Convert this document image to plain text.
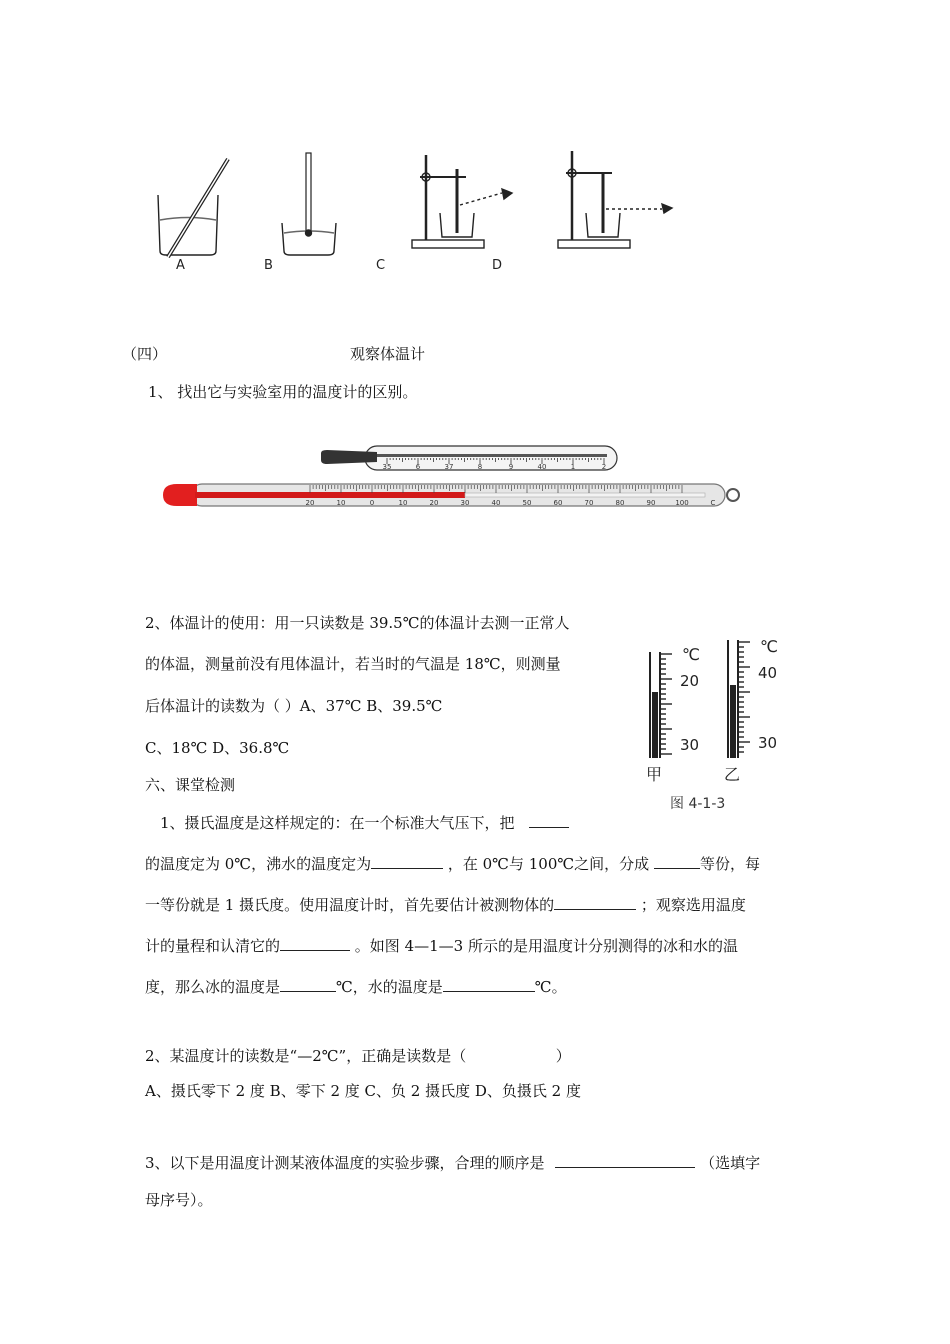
A	B	C	D
（四）	观察体温计
1、 找出它与实验室用的温度计的区别。
35	6	37	8	9	40	1	2
20	10	0	10	20	30	40	50	60	70	80	90	100	C
2、体温计的使用：用一只读数是 39.5℃的体温计去测一正常人
的体温，测量前没有甩体温计，若当时的气温是 18℃，则测量
后体温计的读数为（ ）A、37℃ B、39.5℃
C、18℃ D、36.8℃
℃
20
30
℃
40
30
甲	乙
图 4-1-3
六、课堂检测
1、摄氏温度是这样规定的：在一个标准大气压下，把
的温度定为 0℃，沸水的温度定为	，在 0℃与 100℃之间，分成	等份，每
一等份就是 1 摄氏度。使用温度计时，首先要估计被测物体的	；观察选用温度
计的量程和认清它的	。如图 4—1—3 所示的是用温度计分别测得的冰和水的温
度，那么冰的温度是	℃，水的温度是	℃。
2、某温度计的读数是“—2℃”，正确是读数是（	）
A、摄氏零下 2 度 B、零下 2 度 C、负 2 摄氏度 D、负摄氏 2 度
3、以下是用温度计测某液体温度的实验步骤，合理的顺序是	（选填字
母序号）。
